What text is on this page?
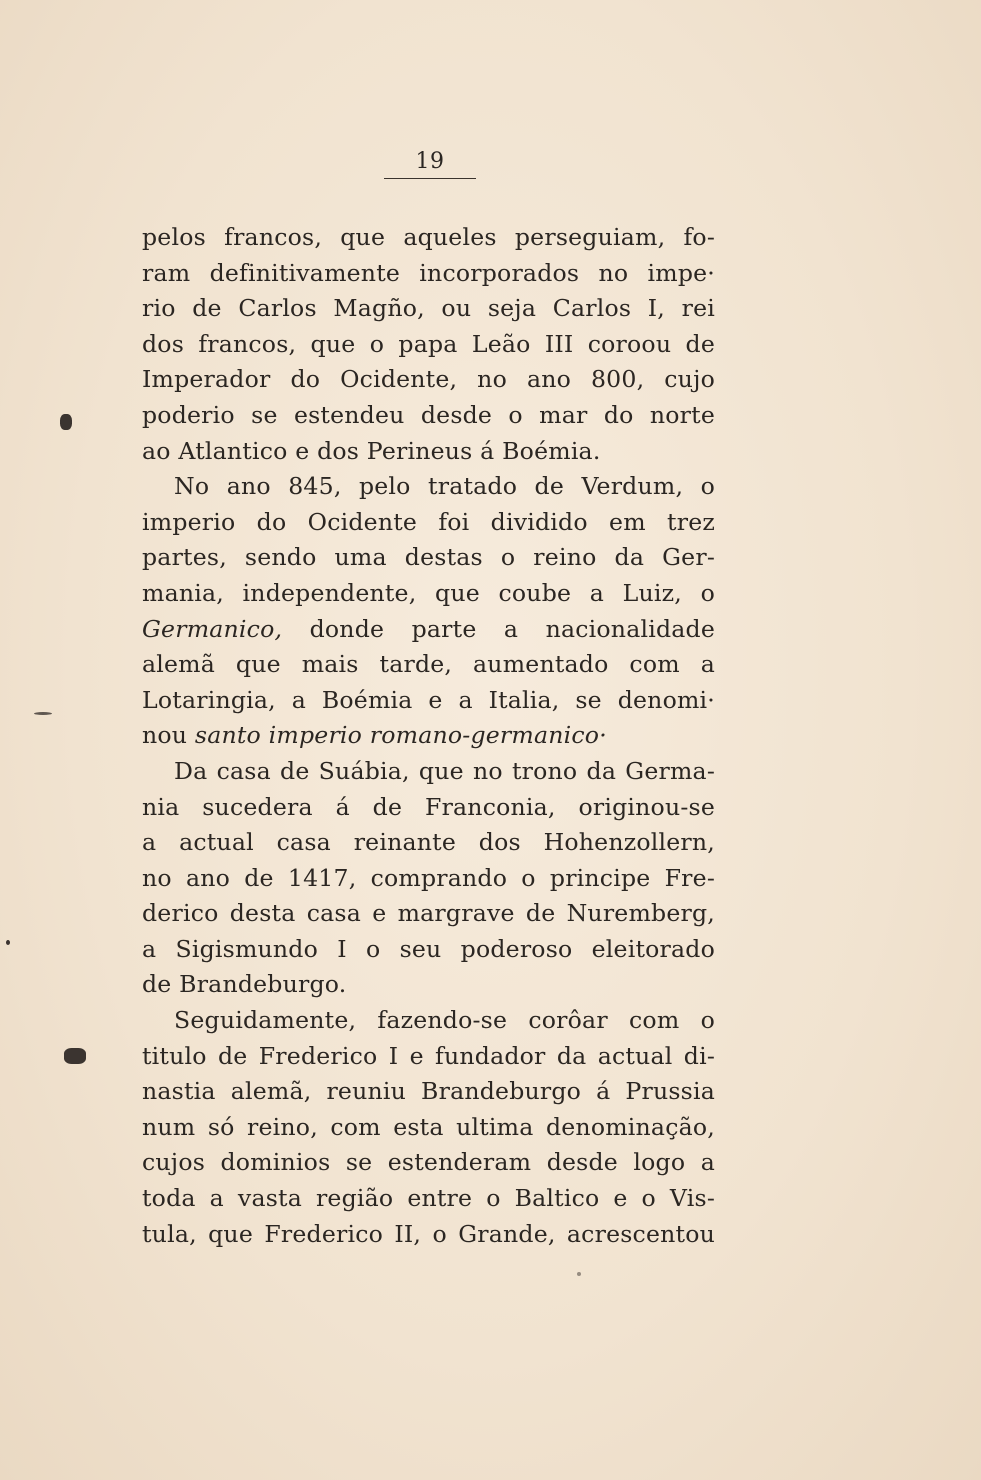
19
pelos francos, que aqueles perseguiam, fo-
ram definitivamente incorporados no impe·
rio de Carlos Magño, ou seja Carlos I, rei
dos francos, que o papa Leão III coroou de
Imperador do Ocidente, no ano 800, cujo
poderio se estendeu desde o mar do norte
ao Atlantico e dos Perineus á Boémia.
No ano 845, pelo tratado de Verdum, o
imperio do Ocidente foi dividido em trez
partes, sendo uma destas o reino da Ger-
mania, independente, que coube a Luiz, o
Germanico, donde parte a nacionalidade
alemã que mais tarde, aumentado com a
Lotaringia, a Boémia e a Italia, se denomi·
nou santo imperio romano-germanico·
Da casa de Suábia, que no trono da Germa-
nia sucedera á de Franconia, originou-se
a actual casa reinante dos Hohenzollern,
no ano de 1417, comprando o principe Fre-
derico desta casa e margrave de Nuremberg,
a Sigismundo I o seu poderoso eleitorado
de Brandeburgo.
Seguidamente, fazendo-se corôar com o
titulo de Frederico I e fundador da actual di-
nastia alemã, reuniu Brandeburgo á Prussia
num só reino, com esta ultima denominação,
cujos dominios se estenderam desde logo a
toda a vasta região entre o Baltico e o Vis-
tula, que Frederico II, o Grande, acrescentou
